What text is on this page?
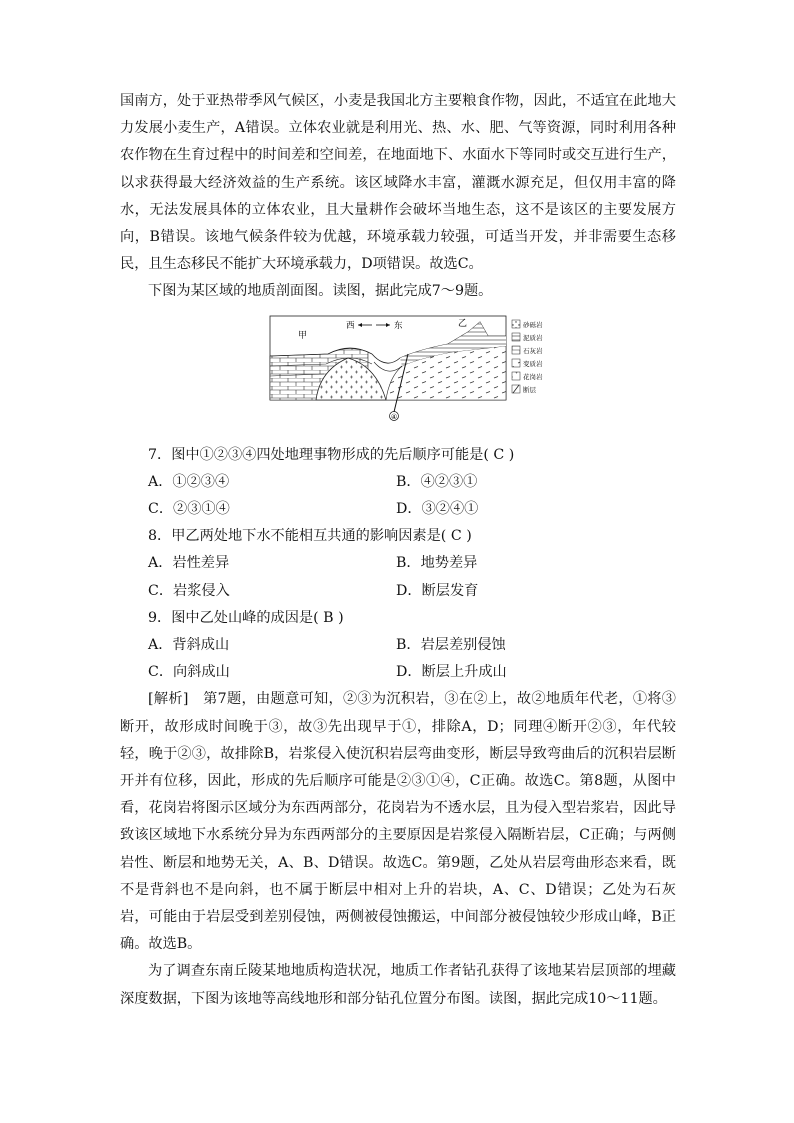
国南方，处于亚热带季风气候区，小麦是我国北方主要粮食作物，因此，不适宜在此地大力发展小麦生产，A错误。立体农业就是利用光、热、水、肥、气等资源，同时利用各种农作物在生育过程中的时间差和空间差，在地面地下、水面水下等同时或交互进行生产，以求获得最大经济效益的生产系统。该区域降水丰富，灌溉水源充足，但仅用丰富的降水，无法发展具体的立体农业，且大量耕作会破坏当地生态，这不是该区的主要发展方向，B错误。该地气候条件较为优越，环境承载力较强，可适当开发，并非需要生态移民，且生态移民不能扩大环境承载力，D项错误。故选C。

下图为某区域的地质剖面图。读图，据此完成7～9题。

④
西	东
甲
乙	砂砾岩
泥质岩
石灰岩
变质岩
花岗岩
断层

7．图中①②③④四处地理事物形成的先后顺序可能是( C )

A．①②③④	B．④②③①
C．②③①④	D．③②④①

8．甲乙两处地下水不能相互共通的影响因素是( C )

A．岩性差异	B．地势差异
C．岩浆侵入	D．断层发育

9．图中乙处山峰的成因是( B )

A．背斜成山	B．岩层差别侵蚀
C．向斜成山	D．断层上升成山

[解析]　第7题，由题意可知，②③为沉积岩，③在②上，故②地质年代老，①将③断开，故形成时间晚于③，故③先出现早于①，排除A，D；同理④断开②③，年代较轻，晚于②③，故排除B，岩浆侵入使沉积岩层弯曲变形，断层导致弯曲后的沉积岩层断开并有位移，因此，形成的先后顺序可能是②③①④，C正确。故选C。第8题，从图中看，花岗岩将图示区域分为东西两部分，花岗岩为不透水层，且为侵入型岩浆岩，因此导致该区域地下水系统分异为东西两部分的主要原因是岩浆侵入隔断岩层，C正确；与两侧岩性、断层和地势无关，A、B、D错误。故选C。第9题，乙处从岩层弯曲形态来看，既不是背斜也不是向斜，也不属于断层中相对上升的岩块，A、C、D错误；乙处为石灰岩，可能由于岩层受到差别侵蚀，两侧被侵蚀搬运，中间部分被侵蚀较少形成山峰，B正确。故选B。

为了调查东南丘陵某地地质构造状况，地质工作者钻孔获得了该地某岩层顶部的埋藏深度数据，下图为该地等高线地形和部分钻孔位置分布图。读图，据此完成10～11题。
